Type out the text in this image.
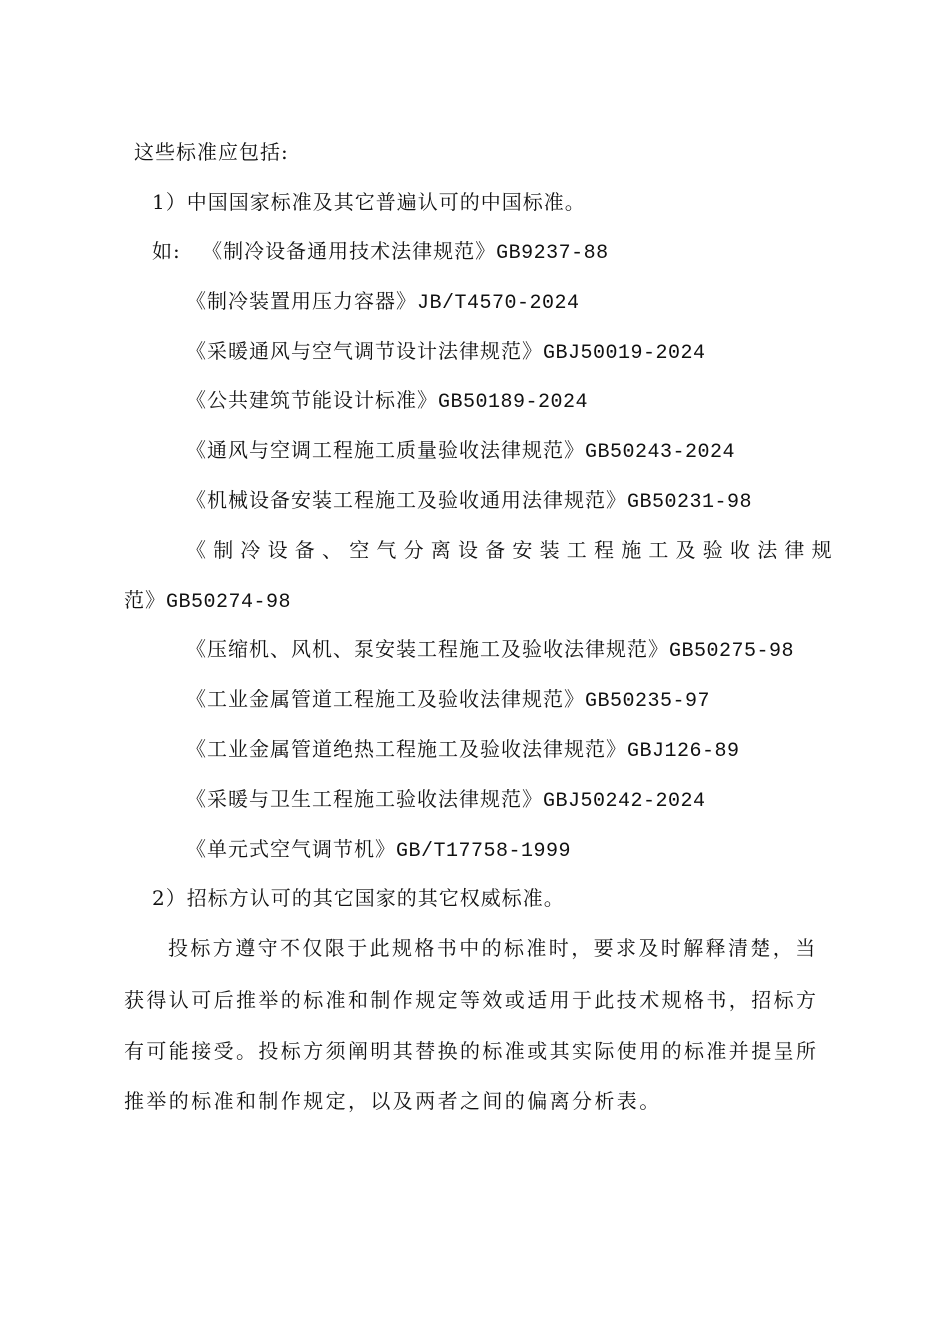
这些标准应包括:
1）中国国家标准及其它普遍认可的中国标准。
如: 《制冷设备通用技术法律规范》GB9237-88
《制冷装置用压力容器》JB/T4570-2024
《采暖通风与空气调节设计法律规范》GBJ50019-2024
《公共建筑节能设计标准》GB50189-2024
《通风与空调工程施工质量验收法律规范》GB50243-2024
《机械设备安装工程施工及验收通用法律规范》GB50231-98
《制冷设备、空气分离设备安装工程施工及验收法律规
范》GB50274-98
《压缩机、风机、泵安装工程施工及验收法律规范》GB50275-98
《工业金属管道工程施工及验收法律规范》GB50235-97
《工业金属管道绝热工程施工及验收法律规范》GBJ126-89
《采暖与卫生工程施工验收法律规范》GBJ50242-2024
《单元式空气调节机》GB/T17758-1999
2）招标方认可的其它国家的其它权威标准。
投标方遵守不仅限于此规格书中的标准时，要求及时解释清楚，当
获得认可后推举的标准和制作规定等效或适用于此技术规格书，招标方
有可能接受。投标方须阐明其替换的标准或其实际使用的标准并提呈所
推举的标准和制作规定，以及两者之间的偏离分析表。
